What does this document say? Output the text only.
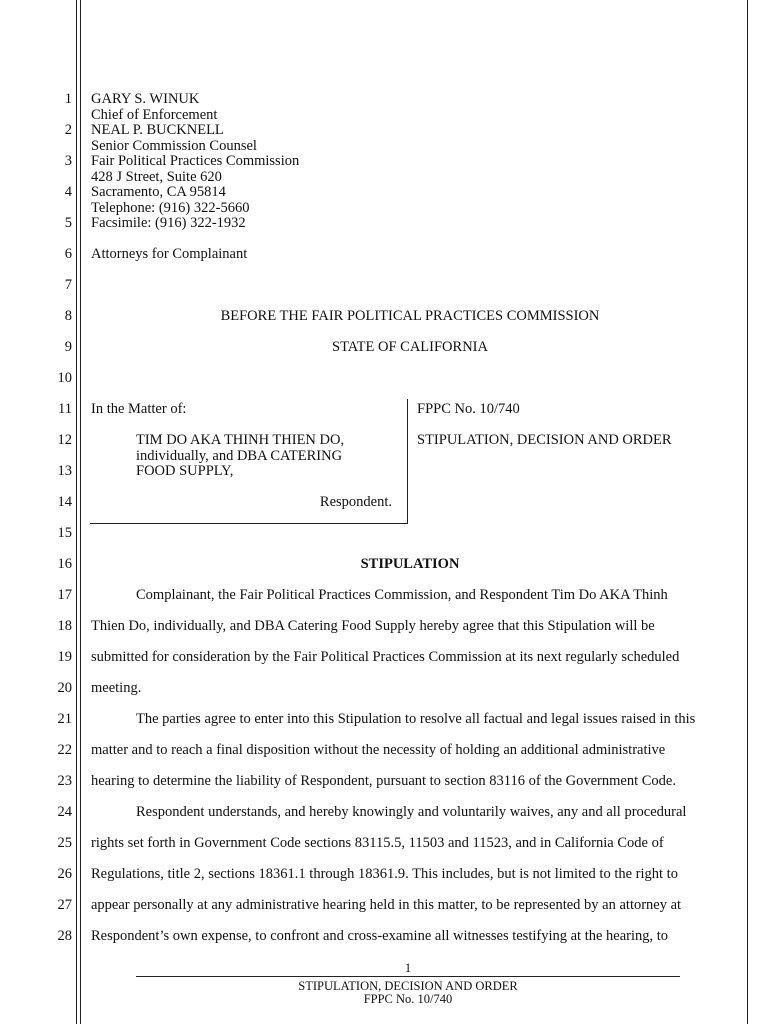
1
2
3
4
5
6
7
8
9
10
11
12
13
14
15
16
17
18
19
20
21
22
23
24
25
26
27
28
GARY S. WINUK
Chief of Enforcement
NEAL P. BUCKNELL
Senior Commission Counsel
Fair Political Practices Commission
428 J Street, Suite 620
Sacramento, CA 95814
Telephone: (916) 322-5660
Facsimile: (916) 322-1932
Attorneys for Complainant
BEFORE THE FAIR POLITICAL PRACTICES COMMISSION
STATE OF CALIFORNIA
In the Matter of:
TIM DO AKA THINH THIEN DO,
individually, and DBA CATERING
FOOD SUPPLY,
Respondent.
FPPC No. 10/740
STIPULATION, DECISION AND ORDER
STIPULATION
Complainant, the Fair Political Practices Commission, and Respondent Tim Do AKA Thinh
Thien Do, individually, and DBA Catering Food Supply hereby agree that this Stipulation will be
submitted for consideration by the Fair Political Practices Commission at its next regularly scheduled
meeting.
The parties agree to enter into this Stipulation to resolve all factual and legal issues raised in this
matter and to reach a final disposition without the necessity of holding an additional administrative
hearing to determine the liability of Respondent, pursuant to section 83116 of the Government Code.
Respondent understands, and hereby knowingly and voluntarily waives, any and all procedural
rights set forth in Government Code sections 83115.5, 11503 and 11523, and in California Code of
Regulations, title 2, sections 18361.1 through 18361.9. This includes, but is not limited to the right to
appear personally at any administrative hearing held in this matter, to be represented by an attorney at
Respondent’s own expense, to confront and cross-examine all witnesses testifying at the hearing, to
1
STIPULATION, DECISION AND ORDER
FPPC No. 10/740
